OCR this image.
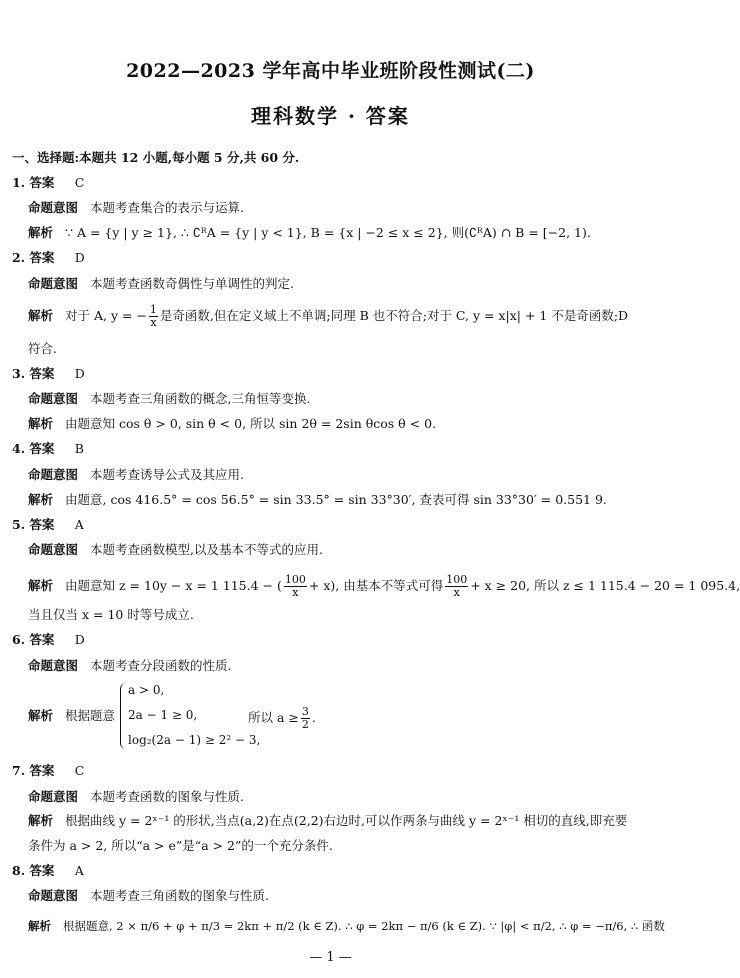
2022—2023 学年高中毕业班阶段性测试(二)
理科数学 · 答案
一、选择题:本题共 12 小题,每小题 5 分,共 60 分.
1. 答案 C
命题意图 本题考查集合的表示与运算.
解析 ∵ A = {y | y ≥ 1}, ∴ ∁ᴿA = {y | y < 1}, B = {x | −2 ≤ x ≤ 2}, 则(∁ᴿA) ∩ B = [−2, 1).
2. 答案 D
命题意图 本题考查函数奇偶性与单调性的判定.
解析 对于 A, y = − $\frac{1}{x}$ 是奇函数,但在定义域上不单调;同理 B 也不符合;对于 C, y = x|x| + 1 不是奇函数;D
符合.
3. 答案 D
命题意图 本题考查三角函数的概念,三角恒等变换.
解析 由题意知 cos θ > 0, sin θ < 0, 所以 sin 2θ = 2sin θcos θ < 0.
4. 答案 B
命题意图 本题考查诱导公式及其应用.
解析 由题意, cos 416.5° = cos 56.5° = sin 33.5° = sin 33°30′, 查表可得 sin 33°30′ = 0.551 9.
5. 答案 A
命题意图 本题考查函数模型,以及基本不等式的应用.
解析 由题意知 z = 10y − x = 1 115.4 − ( $\frac{100}{x} + x$), 由基本不等式可得 $\frac{100}{x} + x \ge 20$, 所以 z ≤ 1 115.4 − 20 = 1 095.4,
当且仅当 x = 10 时等号成立.
6. 答案 D
命题意图 本题考查分段函数的性质.
解析 根据题意
a > 0,
2a − 1 ≥ 0,
log₂(2a − 1) ≥ 2² − 3,
所以 $a \ge \frac{3}{2}$ .
7. 答案 C
命题意图 本题考查函数的图象与性质.
解析 根据曲线 y = 2ˣ⁻¹ 的形状,当点(a,2)在点(2,2)右边时,可以作两条与曲线 y = 2ˣ⁻¹ 相切的直线,即充要
条件为 a > 2, 所以“a > e”是“a > 2”的一个充分条件.
8. 答案 A
命题意图 本题考查三角函数的图象与性质.
解析 根据题意, 2 × π/6 + φ + π/3 = 2kπ + π/2 (k ∈ Z). ∴ φ = 2kπ − π/6 (k ∈ Z). ∵ |φ| < π/2, ∴ φ = −π/6, ∴ 函数
— 1 —
